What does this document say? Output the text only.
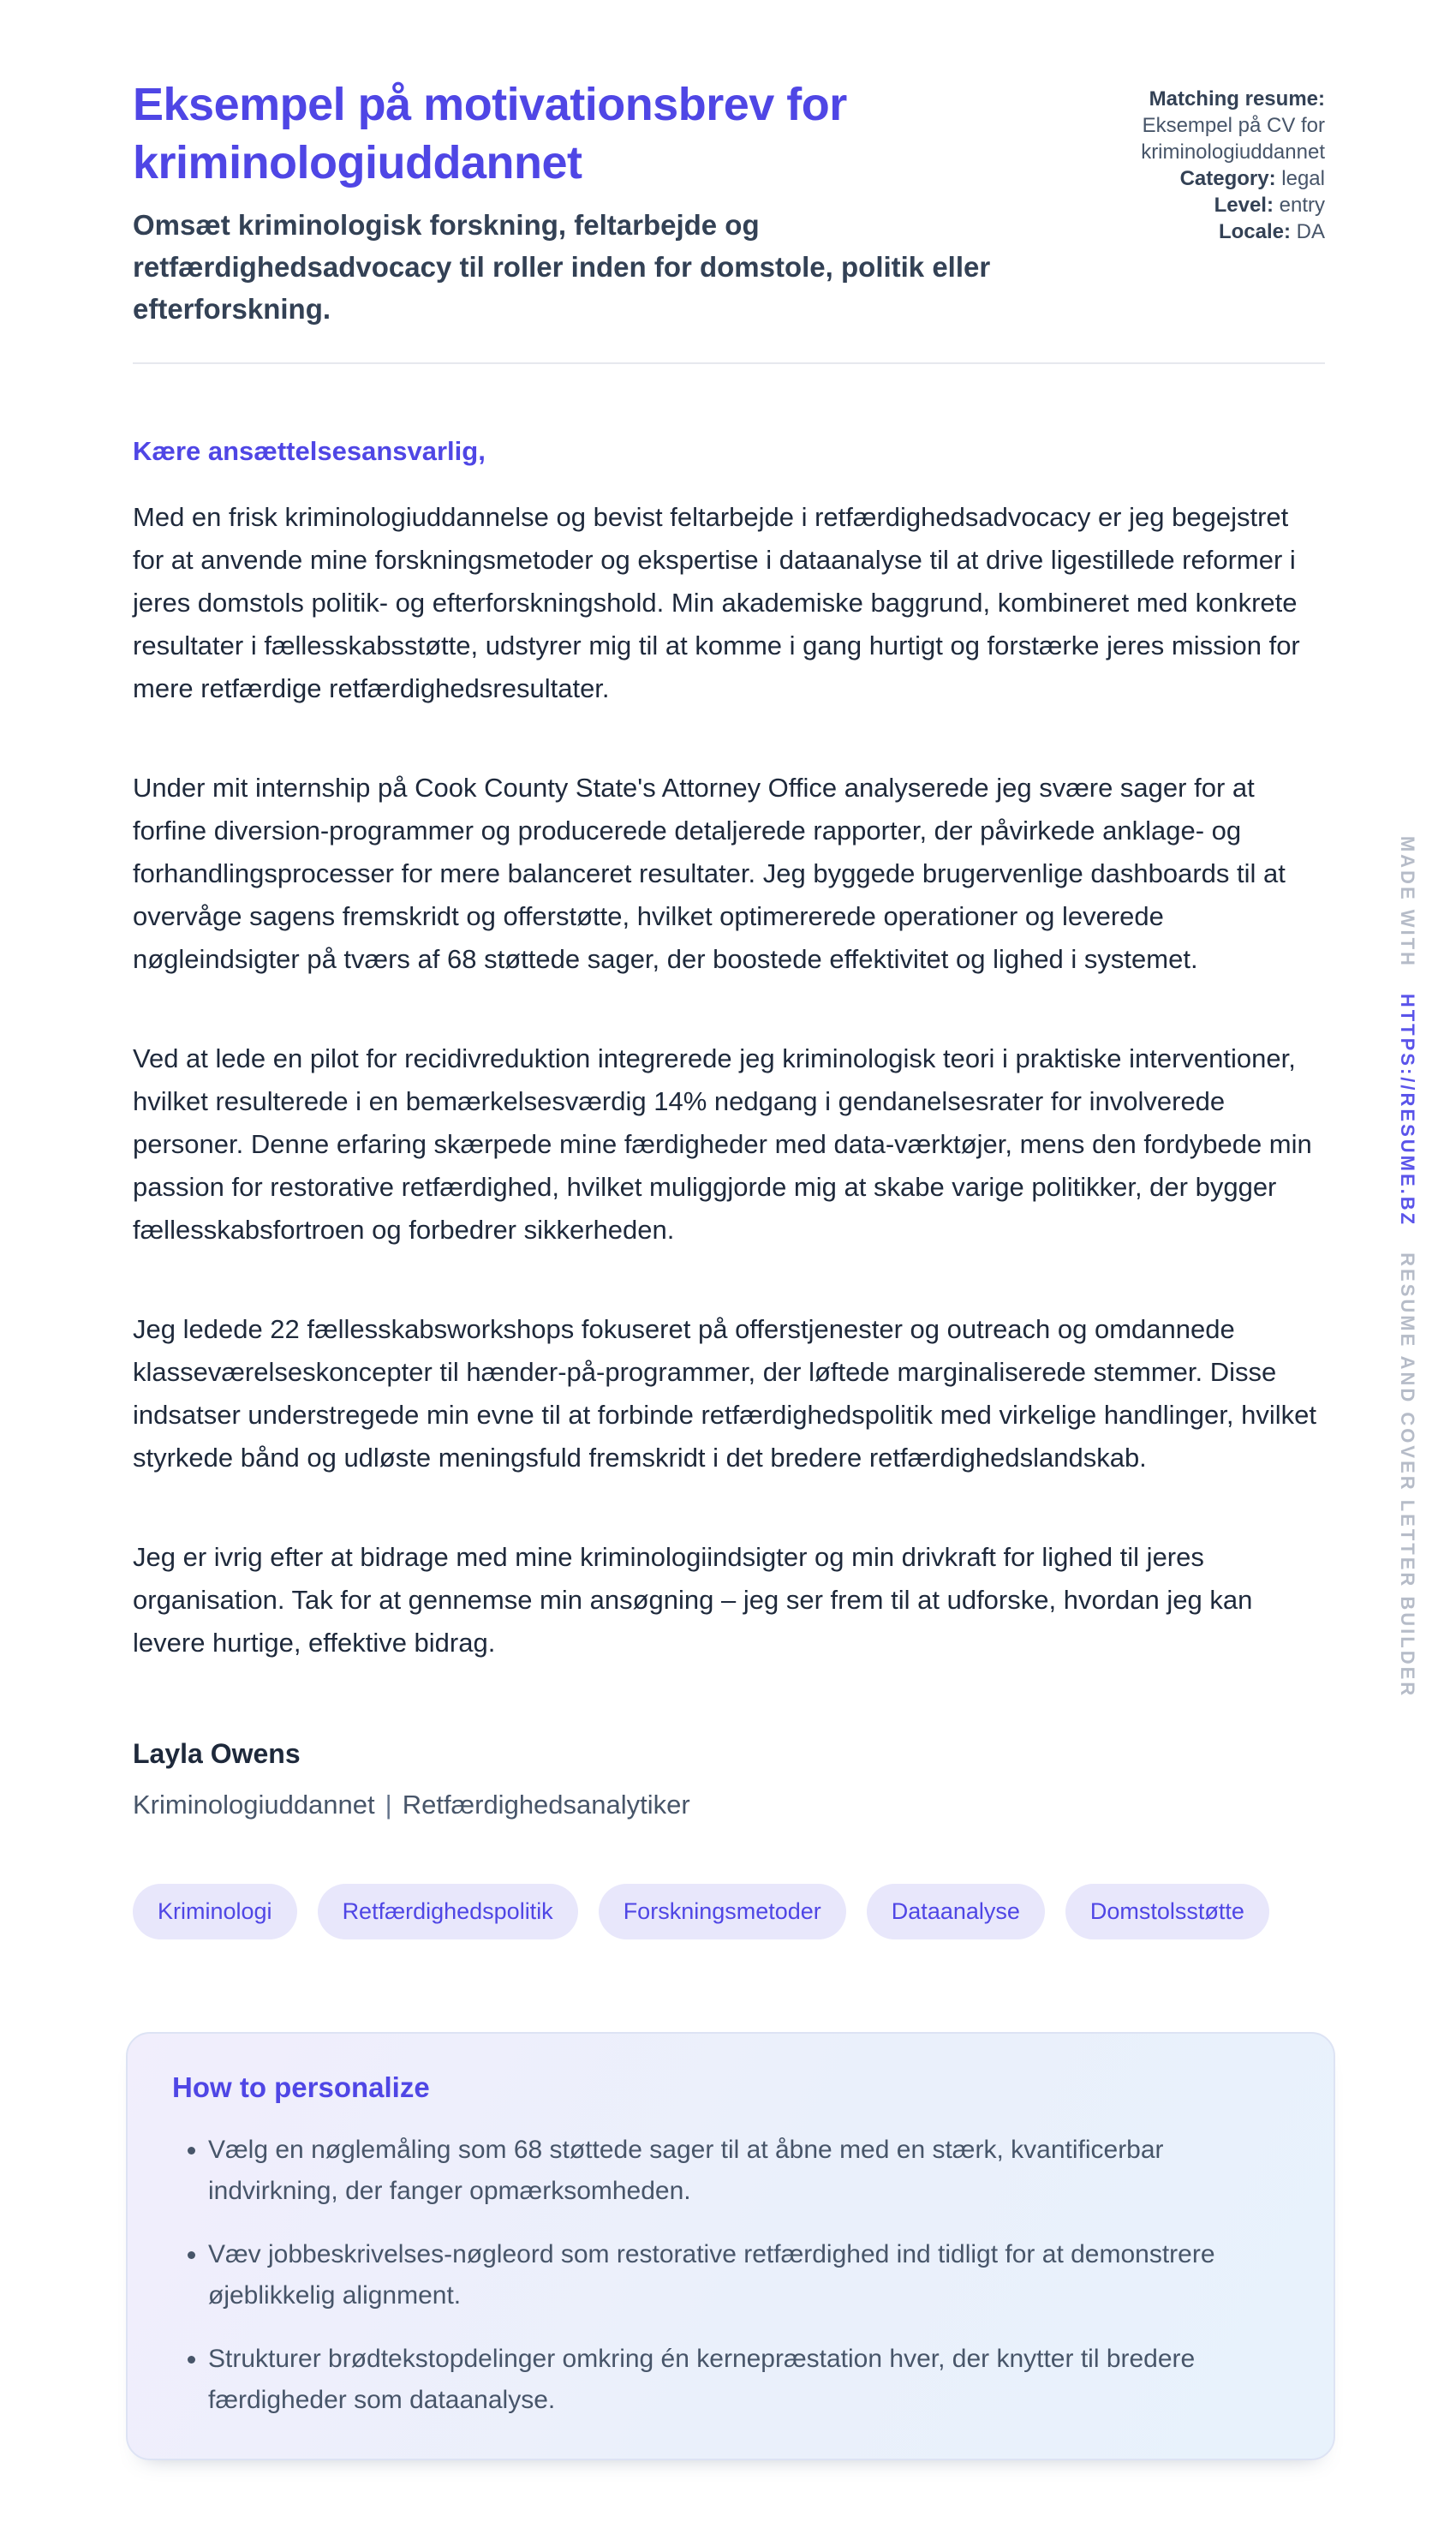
Eksempel på motivationsbrev for kriminologiuddannet
Omsæt kriminologisk forskning, feltarbejde og retfærdighedsadvocacy til roller inden for domstole, politik eller efterforskning.
Matching resume:
Eksempel på CV for kriminologiuddannet
Category: legal
Level: entry
Locale: DA

Kære ansættelsesansvarlig,

Med en frisk kriminologiuddannelse og bevist feltarbejde i retfærdighedsadvocacy er jeg begejstret for at anvende mine forskningsmetoder og ekspertise i dataanalyse til at drive ligestillede reformer i jeres domstols politik- og efterforskningshold. Min akademiske baggrund, kombineret med konkrete resultater i fællesskabsstøtte, udstyrer mig til at komme i gang hurtigt og forstærke jeres mission for mere retfærdige retfærdighedsresultater.

Under mit internship på Cook County State's Attorney Office analyserede jeg svære sager for at forfine diversion-programmer og producerede detaljerede rapporter, der påvirkede anklage- og forhandlingsprocesser for mere balanceret resultater. Jeg byggede brugervenlige dashboards til at overvåge sagens fremskridt og offerstøtte, hvilket optimererede operationer og leverede nøgleindsigter på tværs af 68 støttede sager, der boostede effektivitet og lighed i systemet.

Ved at lede en pilot for recidivreduktion integrerede jeg kriminologisk teori i praktiske interventioner, hvilket resulterede i en bemærkelsesværdig 14% nedgang i gendanelsesrater for involverede personer. Denne erfaring skærpede mine færdigheder med data-værktøjer, mens den fordybede min passion for restorative retfærdighed, hvilket muliggjorde mig at skabe varige politikker, der bygger fællesskabsfortroen og forbedrer sikkerheden.

Jeg ledede 22 fællesskabsworkshops fokuseret på offerstjenester og outreach og omdannede klasseværelseskoncepter til hænder-på-programmer, der løftede marginaliserede stemmer. Disse indsatser understregede min evne til at forbinde retfærdighedspolitik med virkelige handlinger, hvilket styrkede bånd og udløste meningsfuld fremskridt i det bredere retfærdighedslandskab.

Jeg er ivrig efter at bidrage med mine kriminologiindsigter og min drivkraft for lighed til jeres organisation. Tak for at gennemse min ansøgning – jeg ser frem til at udforske, hvordan jeg kan levere hurtige, effektive bidrag.

Layla Owens

Kriminologiuddannet | Retfærdighedsanalytiker

Kriminologi	Retfærdighedspolitik	Forskningsmetoder	Dataanalyse	Domstolsstøtte
How to personalize
• Vælg en nøglemåling som 68 støttede sager til at åbne med en stærk, kvantificerbar indvirkning, der fanger opmærksomheden.
• Væv jobbeskrivelses-nøgleord som restorative retfærdighed ind tidligt for at demonstrere øjeblikkelig alignment.
• Strukturer brødtekstopdelinger omkring én kernepræstation hver, der knytter til bredere færdigheder som dataanalyse.
MADE WITHHTTPS://RESUME.BZRESUME AND COVER LETTER BUILDER
